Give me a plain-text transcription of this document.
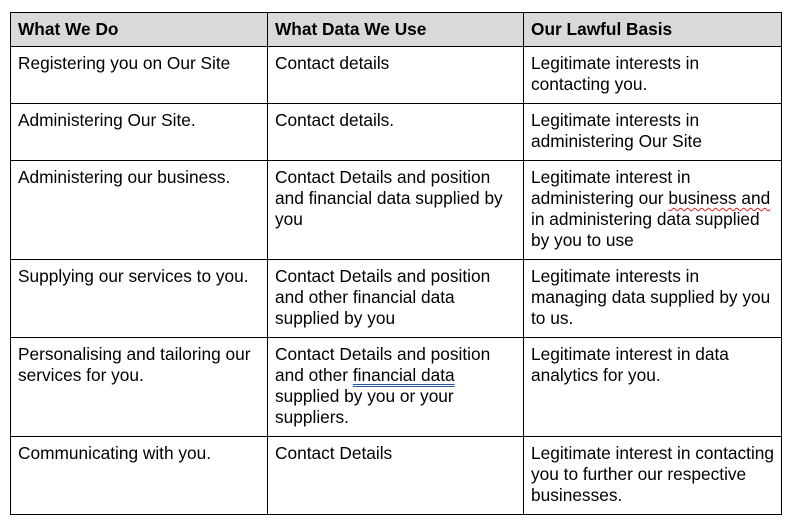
What We Do	What Data We Use	Our Lawful Basis
Registering you on Our Site	Contact details	Legitimate interests in contacting you.
Administering Our Site.	Contact details.	Legitimate interests in administering Our Site
Administering our business.	Contact Details and position and financial data supplied by you	Legitimate interest in administering our business and in administering data supplied by you to use
Supplying our services to you.	Contact Details and position and other financial data supplied by you	Legitimate interests in managing data supplied by you to us.
Personalising and tailoring our services for you.	Contact Details and position and other financial data supplied by you or your suppliers.	Legitimate interest in data analytics for you.
Communicating with you.	Contact Details	Legitimate interest in contacting you to further our respective businesses.
